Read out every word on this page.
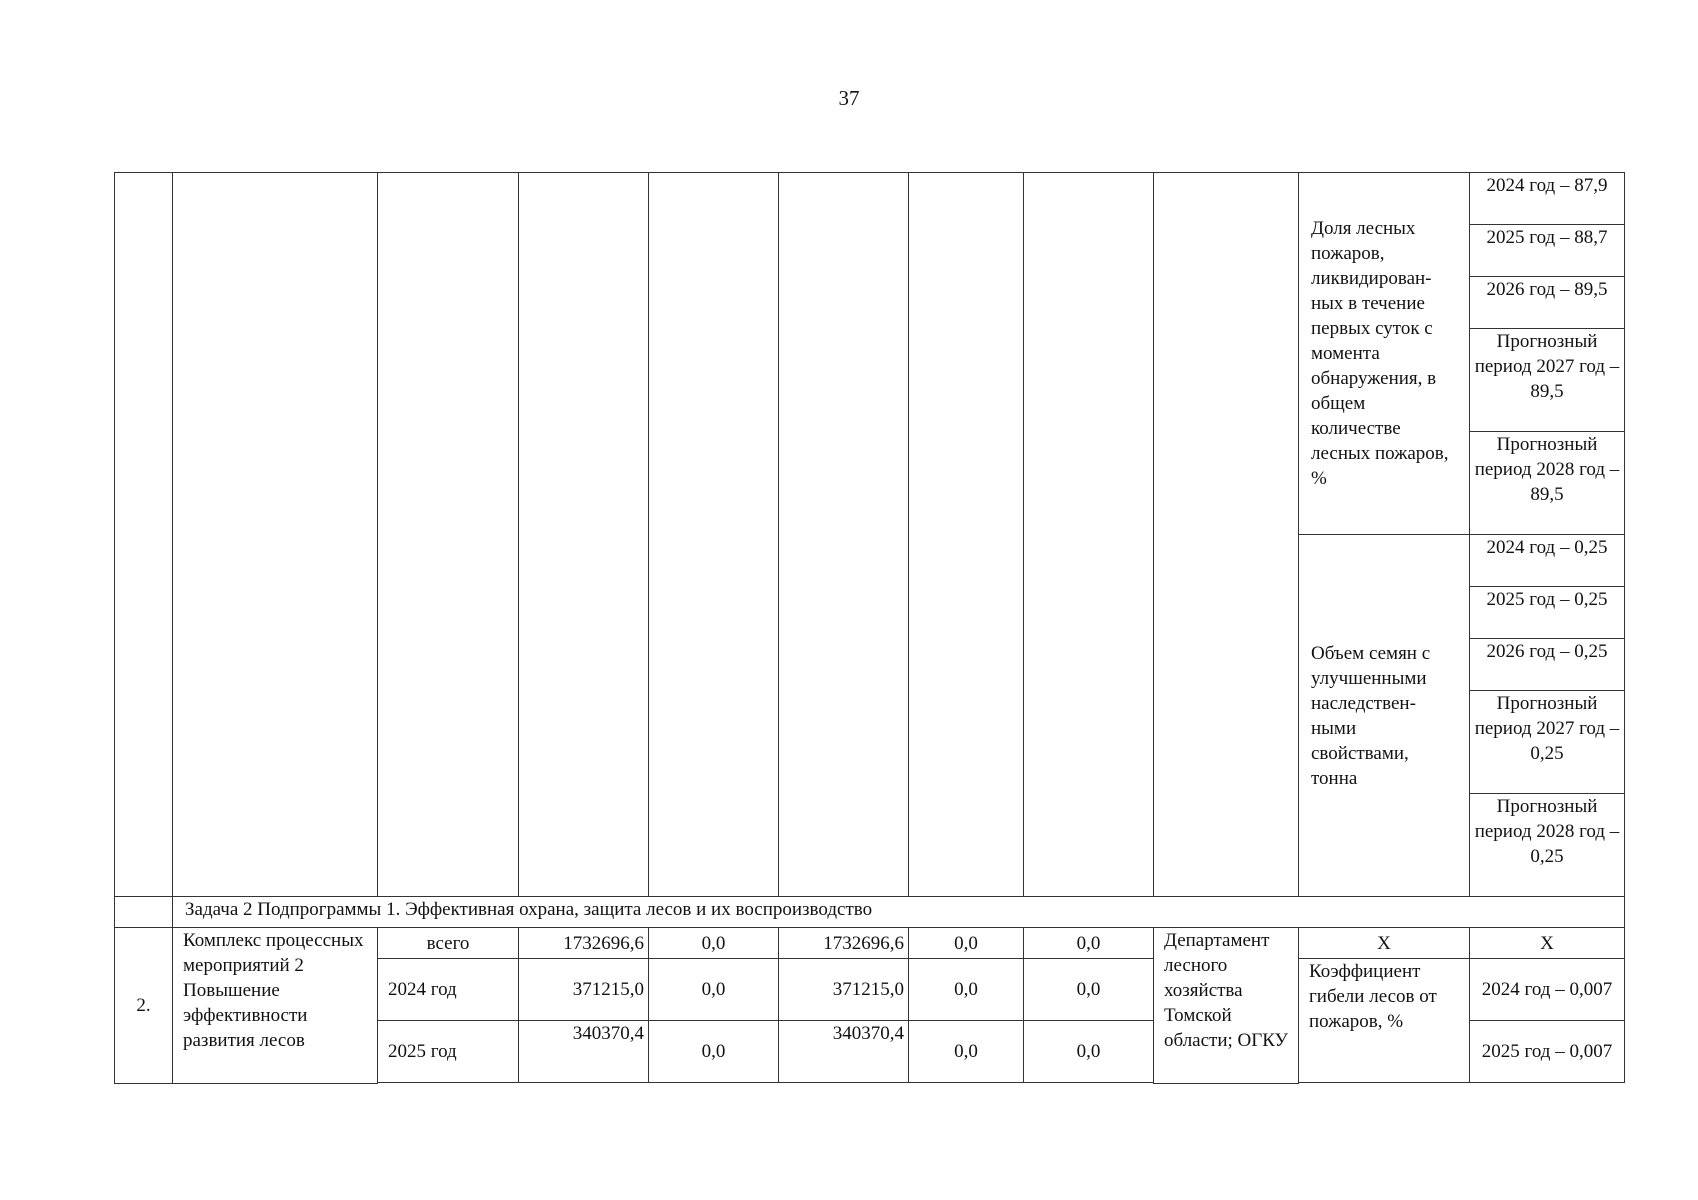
37
									Доля лесных пожаров, ликвидирован-ных в течение первых суток с момента обнаружения, в общем количестве лесных пожаров, %	2024 год – 87,9
										2025 год – 88,7
										2026 год – 89,5
										Прогнозный период 2027 год – 89,5
										Прогнозный период 2028 год – 89,5
									Объем семян с улучшенными наследствен-ными свойствами, тонна	2024 год – 0,25
										2025 год – 0,25
										2026 год – 0,25
										Прогнозный период 2027 год – 0,25
										Прогнозный период 2028 год – 0,25
	Задача 2 Подпрограммы 1. Эффективная охрана, защита лесов и их воспроизводство									
2.	Комплекс процессных мероприятий 2 Повышение эффективности развития лесов	всего	1732696,6	0,0	1732696,6	0,0	0,0	Департамент лесного хозяйства Томской области; ОГКУ	Х	Х
		2024 год	371215,0	0,0	371215,0	0,0	0,0		Коэффициент гибели лесов от пожаров, %	2024 год – 0,007
		2025 год	340370,4	0,0	340370,4	0,0	0,0			2025 год – 0,007
